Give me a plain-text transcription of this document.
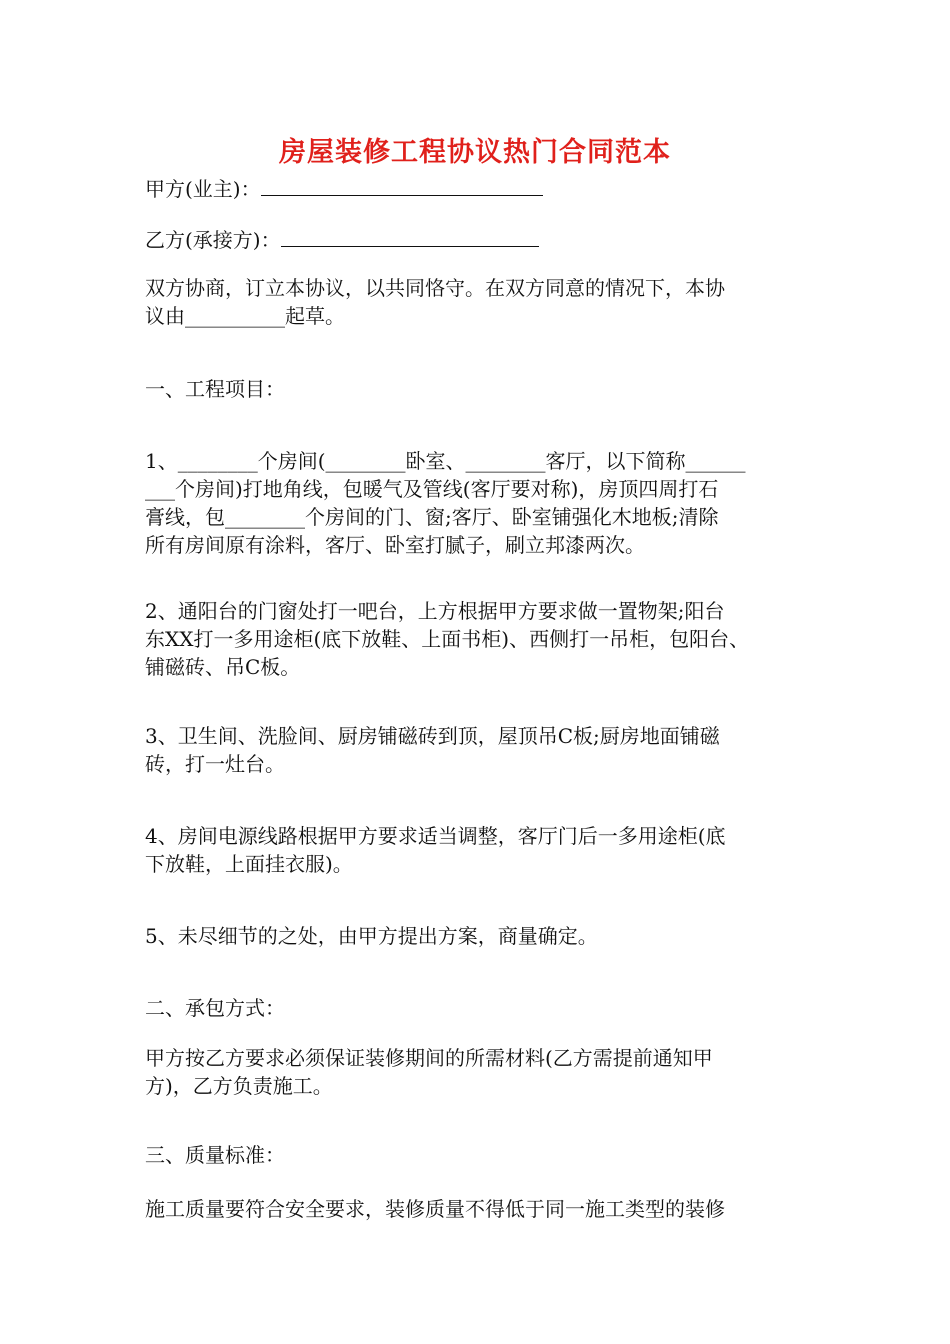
房屋装修工程协议热门合同范本

甲方(业主)：

乙方(承接方)：

双方协商，订立本协议，以共同恪守。在双方同意的情况下，本协
议由__________起草。

一、工程项目：

1、________个房间(________卧室、________客厅，以下简称______
___个房间)打地角线，包暖气及管线(客厅要对称)，房顶四周打石
膏线，包________个房间的门、窗;客厅、卧室铺强化木地板;清除
所有房间原有涂料，客厅、卧室打腻子，刷立邦漆两次。

2、通阳台的门窗处打一吧台，上方根据甲方要求做一置物架;阳台
东XX打一多用途柜(底下放鞋、上面书柜)、西侧打一吊柜，包阳台、
铺磁砖、吊C板。

3、卫生间、洗脸间、厨房铺磁砖到顶，屋顶吊C板;厨房地面铺磁
砖，打一灶台。

4、房间电源线路根据甲方要求适当调整，客厅门后一多用途柜(底
下放鞋，上面挂衣服)。

5、未尽细节的之处，由甲方提出方案，商量确定。

二、承包方式：

甲方按乙方要求必须保证装修期间的所需材料(乙方需提前通知甲
方)，乙方负责施工。

三、质量标准：

施工质量要符合安全要求，装修质量不得低于同一施工类型的装修
